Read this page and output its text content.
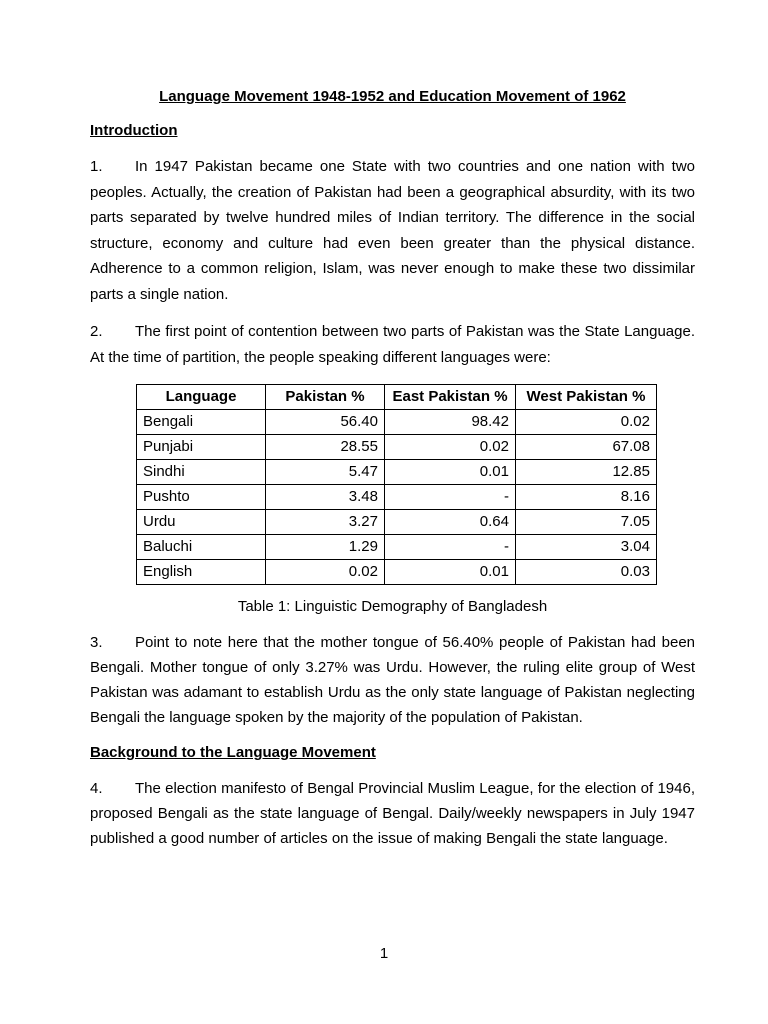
Language Movement 1948-1952 and Education Movement of 1962
Introduction

1. In 1947 Pakistan became one State with two countries and one nation with two peoples. Actually, the creation of Pakistan had been a geographical absurdity, with its two parts separated by twelve hundred miles of Indian territory. The difference in the social structure, economy and culture had even been greater than the physical distance. Adherence to a common religion, Islam, was never enough to make these two dissimilar parts a single nation.

2. The first point of contention between two parts of Pakistan was the State Language. At the time of partition, the people speaking different languages were:

Language	Pakistan %	East Pakistan %	West Pakistan %
Bengali	56.40	98.42	0.02
Punjabi	28.55	0.02	67.08
Sindhi	5.47	0.01	12.85
Pushto	3.48	-	8.16
Urdu	3.27	0.64	7.05
Baluchi	1.29	-	3.04
English	0.02	0.01	0.03
Table 1: Linguistic Demography of Bangladesh

3. Point to note here that the mother tongue of 56.40% people of Pakistan had been Bengali. Mother tongue of only 3.27% was Urdu. However, the ruling elite group of West Pakistan was adamant to establish Urdu as the only state language of Pakistan neglecting Bengali the language spoken by the majority of the population of Pakistan.

Background to the Language Movement

4. The election manifesto of Bengal Provincial Muslim League, for the election of 1946, proposed Bengali as the state language of Bengal. Daily/weekly newspapers in July 1947 published a good number of articles on the issue of making Bengali the state language.

1
